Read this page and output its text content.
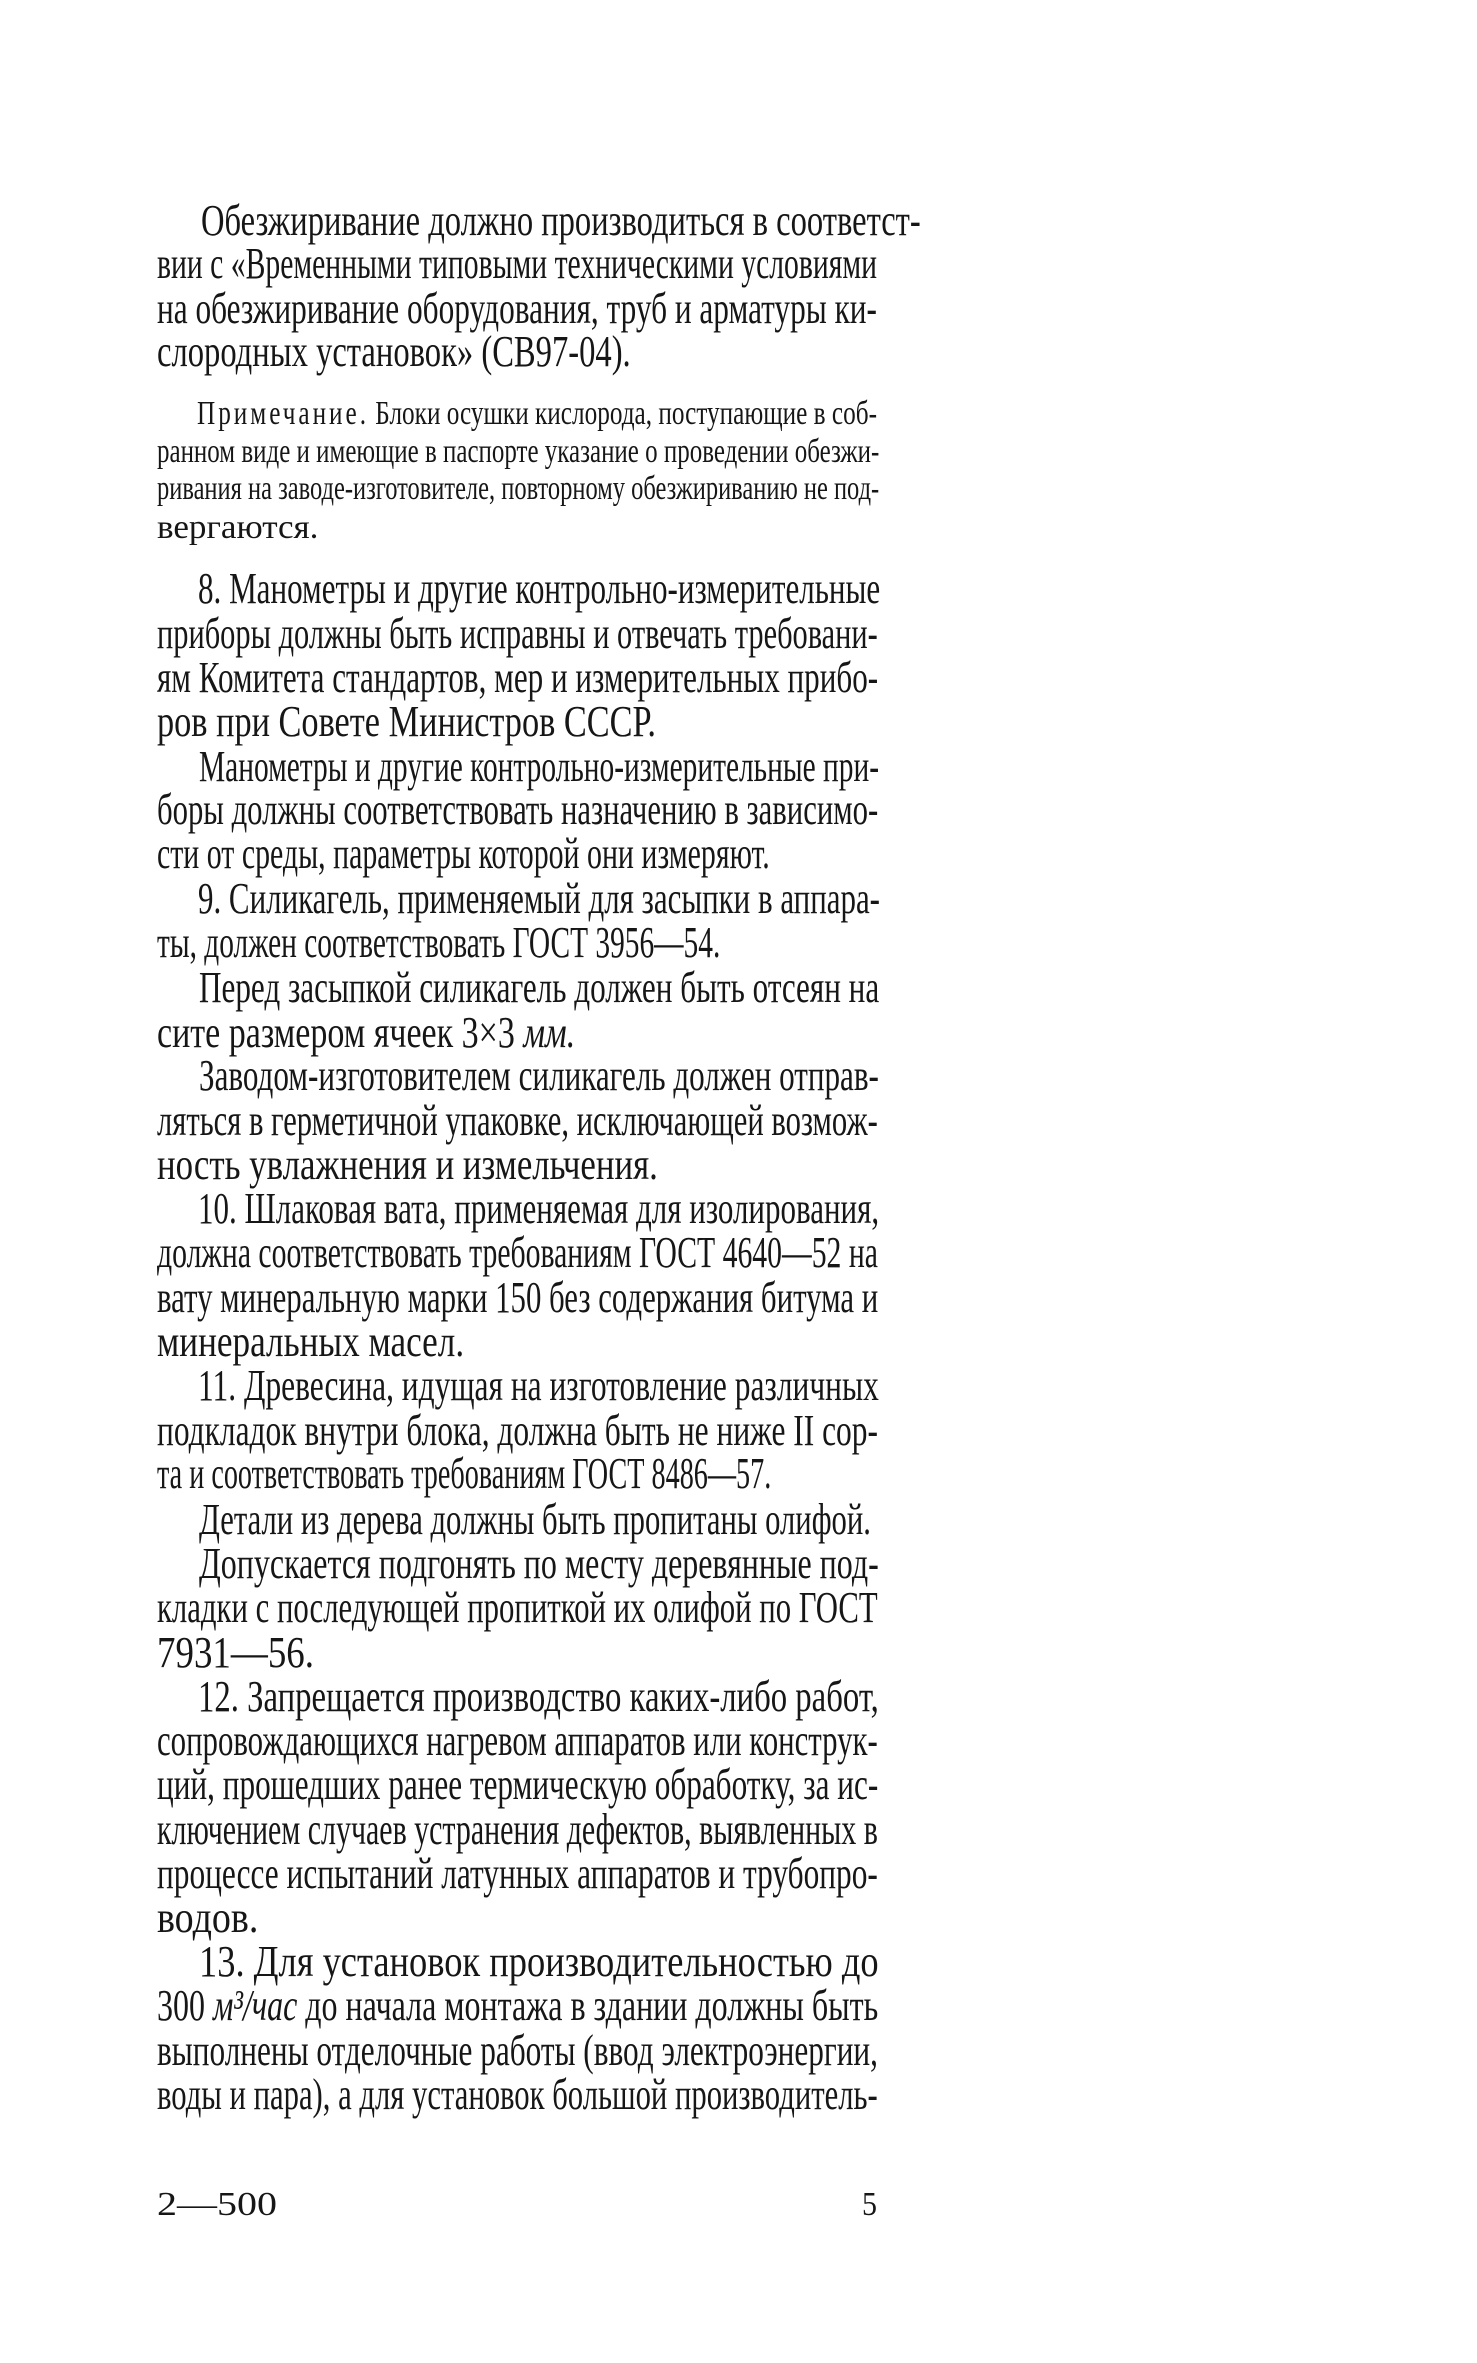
Обезжиривание должно производиться в соответст-
вии с «Временными типовыми техническими условиями
на обезжиривание оборудования, труб и арматуры ки-
слородных установок» (СВ97-04).
Примечание. Блоки осушки кислорода, поступающие в соб-
ранном виде и имеющие в паспорте указание о проведении обезжи-
ривания на заводе-изготовителе, повторному обезжириванию не под-
вергаются.
8. Манометры и другие контрольно-измерительные
приборы должны быть исправны и отвечать требовани-
ям Комитета стандартов, мер и измерительных прибо-
ров при Совете Министров СССР.
Манометры и другие контрольно-измерительные при-
боры должны соответствовать назначению в зависимо-
сти от среды, параметры которой они измеряют.
9. Силикагель, применяемый для засыпки в аппара-
ты, должен соответствовать ГОСТ 3956—54.
Перед засыпкой силикагель должен быть отсеян на
сите размером ячеек 3×3 мм.
Заводом-изготовителем силикагель должен отправ-
ляться в герметичной упаковке, исключающей возмож-
ность увлажнения и измельчения.
10. Шлаковая вата, применяемая для изолирования,
должна соответствовать требованиям ГОСТ 4640—52 на
вату минеральную марки 150 без содержания битума и
минеральных масел.
11. Древесина, идущая на изготовление различных
подкладок внутри блока, должна быть не ниже II сор-
та и соответствовать требованиям ГОСТ 8486—57.
Детали из дерева должны быть пропитаны олифой.
Допускается подгонять по месту деревянные под-
кладки с последующей пропиткой их олифой по ГОСТ
7931—56.
12. Запрещается производство каких-либо работ,
сопровождающихся нагревом аппаратов или конструк-
ций, прошедших ранее термическую обработку, за ис-
ключением случаев устранения дефектов, выявленных в
процессе испытаний латунных аппаратов и трубопро-
водов.
13. Для установок производительностью до
300 м³/час до начала монтажа в здании должны быть
выполнены отделочные работы (ввод электроэнергии,
воды и пара), а для установок большой производитель-
2—500	5
